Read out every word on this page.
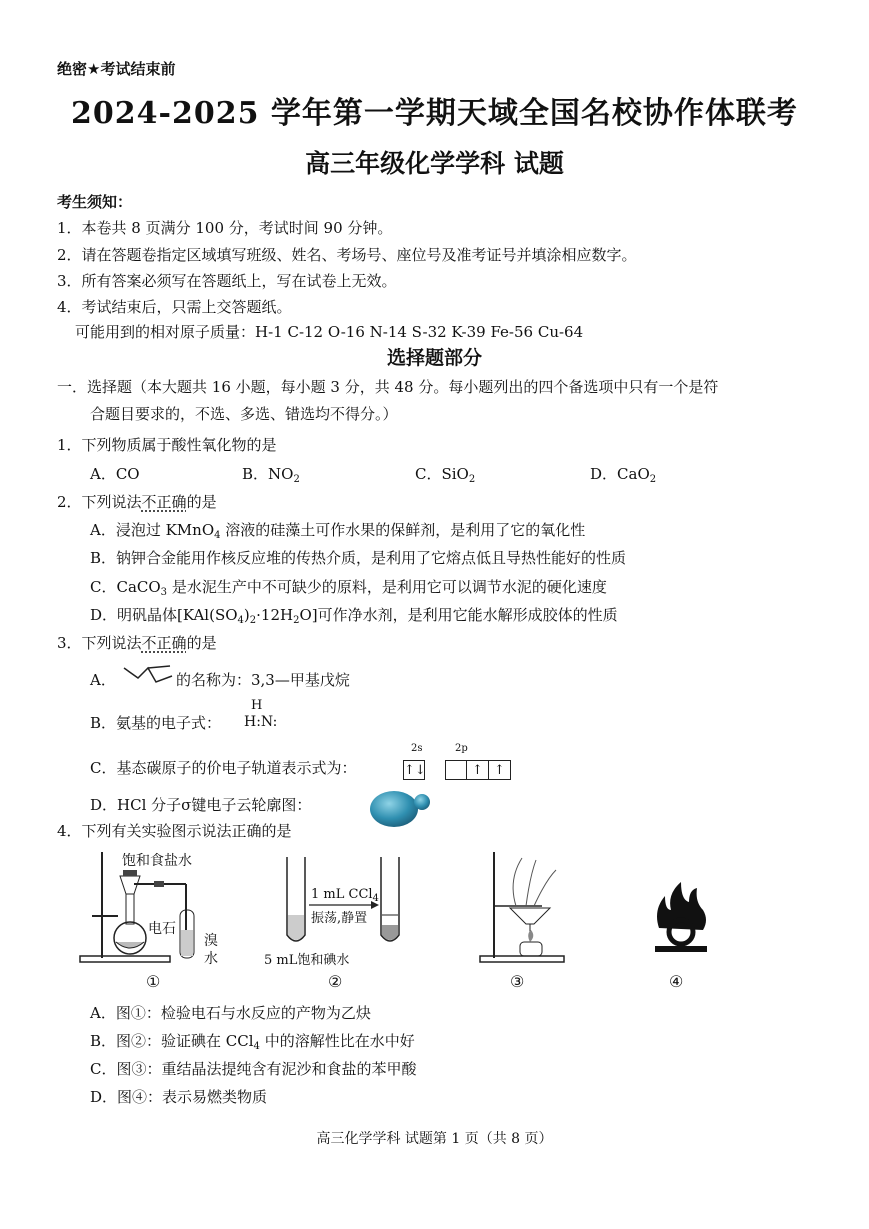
绝密★考试结束前
2024-2025 学年第一学期天域全国名校协作体联考
高三年级化学学科 试题
考生须知：
1．本卷共 8 页满分 100 分，考试时间 90 分钟。
2．请在答题卷指定区域填写班级、姓名、考场号、座位号及准考证号并填涂相应数字。
3．所有答案必须写在答题纸上，写在试卷上无效。
4．考试结束后，只需上交答题纸。
可能用到的相对原子质量：H-1 C-12 O-16 N-14 S-32 K-39 Fe-56 Cu-64
选择题部分
一．选择题（本大题共 16 小题，每小题 3 分，共 48 分。每小题列出的四个备选项中只有一个是符
合题目要求的，不选、多选、错选均不得分。）
1．下列物质属于酸性氧化物的是
A．CO	B．$NO_2$	C．SiO$_2$	D．CaO$_2$
2．下列说法不正确的是
A．浸泡过 KMnO$_4$ 溶液的硅藻土可作水果的保鲜剂，是利用了它的氧化性
B．钠钾合金能用作核反应堆的传热介质，是利用了它熔点低且导热性能好的性质
C．CaCO$_3$ 是水泥生产中不可缺少的原料，是利用它可以调节水泥的硬化速度
D．明矾晶体$[KAl(SO_4)_2\cdot 12H_2O]$可作净水剂，是利用它能水解形成胶体的性质
3．下列说法不正确的是
A．	的名称为：3,3—甲基戊烷
B．氨基的电子式：
H
H:N:
C．基态碳原子的价电子轨道表示式为：
2s	2p
↑↓	↑ ↑
D．HCl 分子σ键电子云轮廓图：
4．下列有关实验图示说法正确的是
饱和食盐水
电石
溴
水
1 mL CCl$_4$
振荡,静置
5 mL饱和碘水
①	②	③	④
A．图①：检验电石与水反应的产物为乙炔
B．图②：验证碘在 CCl$_4$ 中的溶解性比在水中好
C．图③：重结晶法提纯含有泥沙和食盐的苯甲酸
D．图④：表示易燃类物质
高三化学学科 试题第 1 页（共 8 页）
